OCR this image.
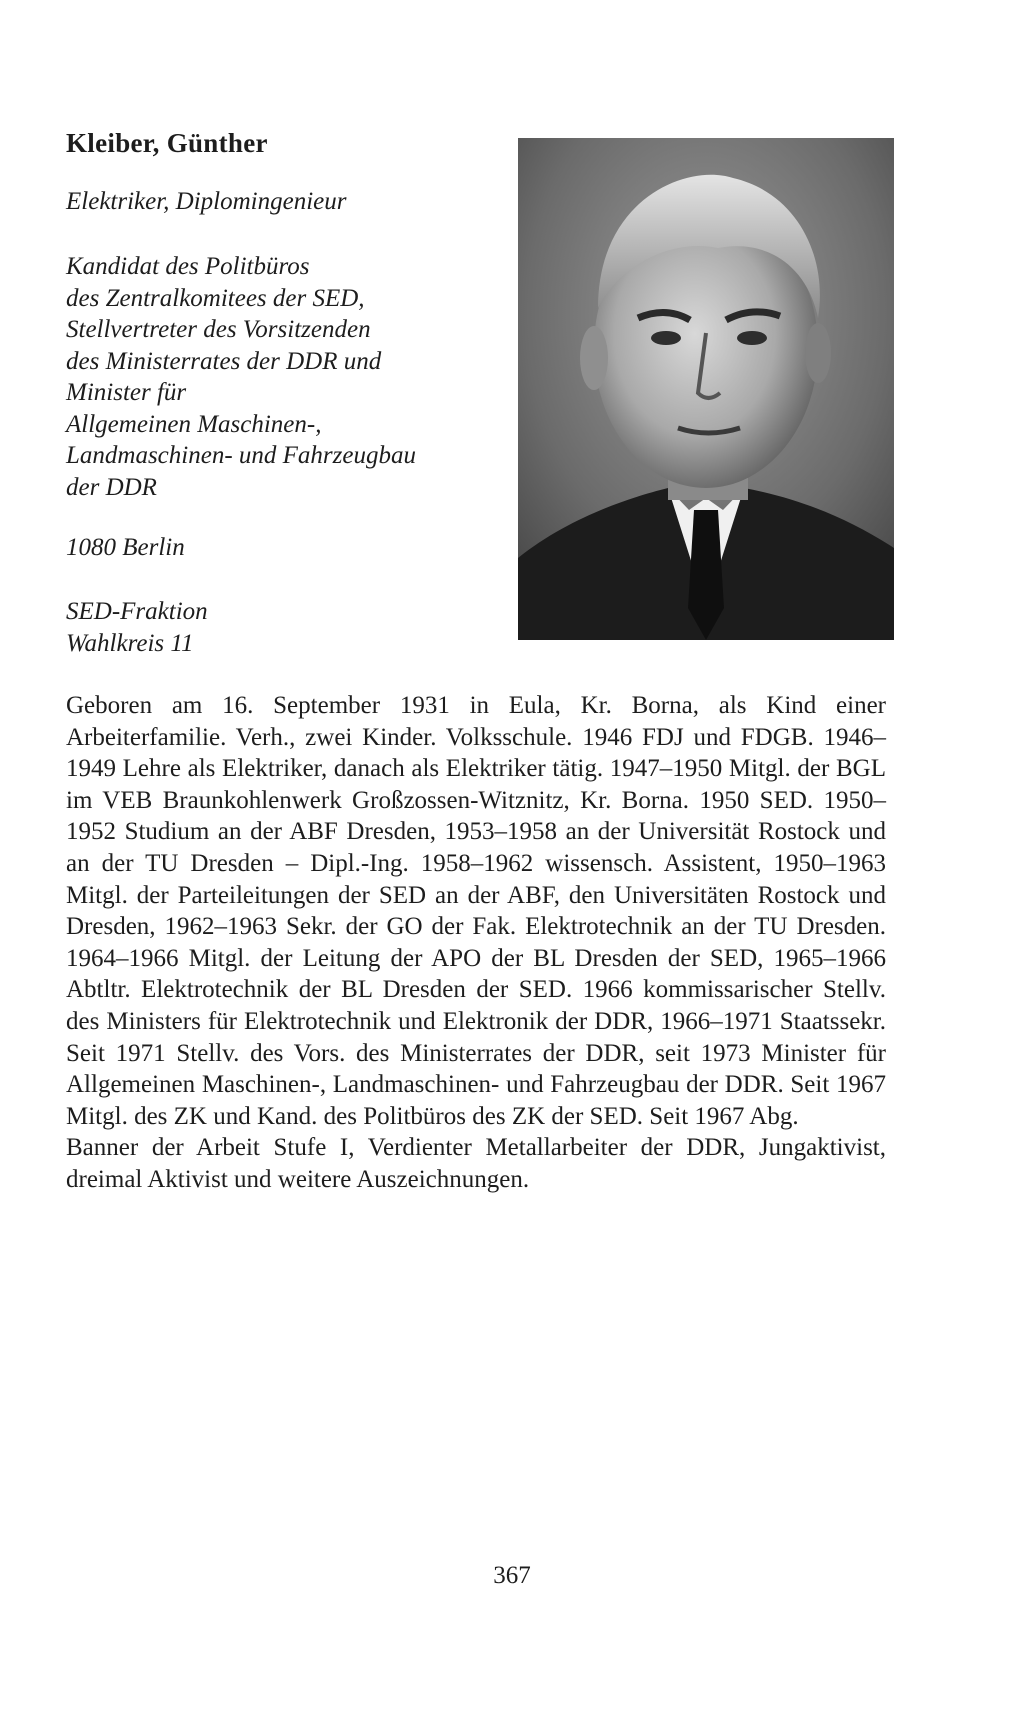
Kleiber, Günther
Elektriker, Diplomingenieur
Kandidat des Politbüros
des Zentralkomitees der SED,
Stellvertreter des Vorsitzenden
des Ministerrates der DDR und
Minister für
Allgemeinen Maschinen-,
Landmaschinen- und Fahrzeugbau
der DDR
1080 Berlin
SED-Fraktion
Wahlkreis 11

Geboren am 16. September 1931 in Eula, Kr. Borna, als Kind einer Arbeiterfamilie. Verh., zwei Kinder. Volksschule. 1946 FDJ und FDGB. 1946–1949 Lehre als Elektriker, danach als Elektriker tätig. 1947–1950 Mitgl. der BGL im VEB Braunkohlenwerk Großzossen-Witznitz, Kr. Borna. 1950 SED. 1950–1952 Studium an der ABF Dresden, 1953–1958 an der Universität Rostock und an der TU Dresden – Dipl.-Ing. 1958–1962 wissensch. Assistent, 1950–1963 Mitgl. der Parteileitungen der SED an der ABF, den Universitäten Rostock und Dresden, 1962–1963 Sekr. der GO der Fak. Elektrotechnik an der TU Dresden. 1964–1966 Mitgl. der Leitung der APO der BL Dresden der SED, 1965–1966 Abtltr. Elektrotechnik der BL Dresden der SED. 1966 kommissarischer Stellv. des Ministers für Elektrotechnik und Elektronik der DDR, 1966–1971 Staatssekr. Seit 1971 Stellv. des Vors. des Ministerrates der DDR, seit 1973 Minister für Allgemeinen Maschinen-, Landmaschinen- und Fahrzeugbau der DDR. Seit 1967 Mitgl. des ZK und Kand. des Politbüros des ZK der SED. Seit 1967 Abg.

Banner der Arbeit Stufe I, Verdienter Metallarbeiter der DDR, Jungaktivist, dreimal Aktivist und weitere Auszeichnungen.

367
